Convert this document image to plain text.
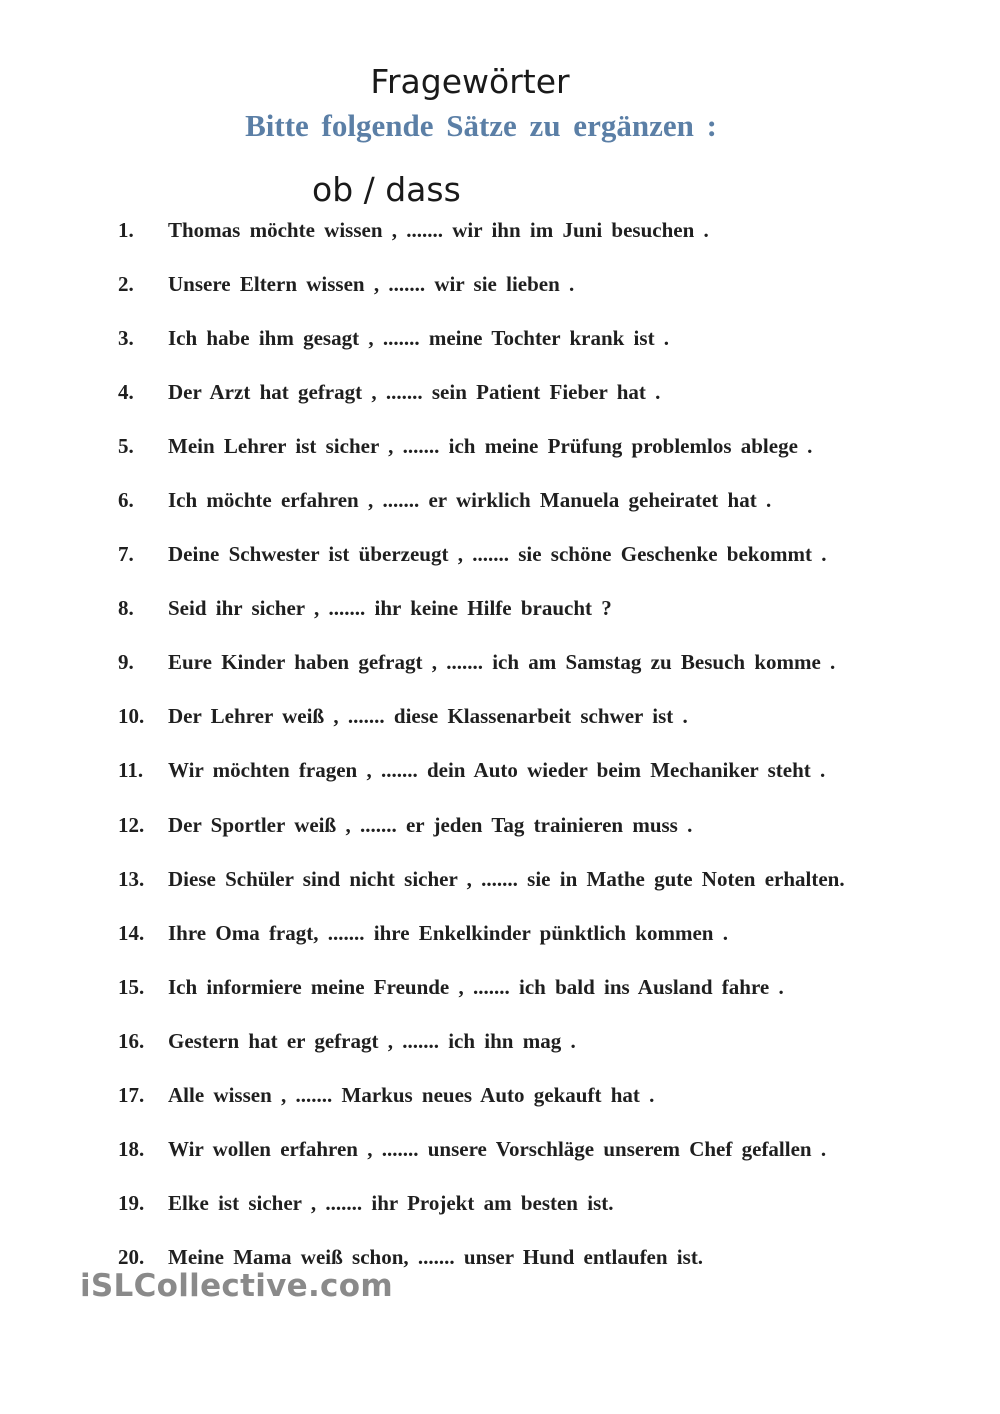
Fragewörter
Bitte folgende Sätze zu ergänzen :
ob / dass
1.	Thomas möchte wissen , ....... wir ihn im Juni besuchen .
2.	Unsere Eltern wissen , ....... wir sie lieben .
3.	Ich habe ihm gesagt , ....... meine Tochter krank ist .
4.	Der Arzt hat gefragt , ....... sein Patient Fieber hat .
5.	Mein Lehrer ist sicher , ....... ich meine Prüfung problemlos ablege .
6.	Ich möchte erfahren , ....... er wirklich Manuela geheiratet hat .
7.	Deine Schwester ist überzeugt , ....... sie schöne Geschenke bekommt .
8.	Seid ihr sicher , ....... ihr keine Hilfe braucht ?
9.	Eure Kinder haben gefragt , ....... ich am Samstag zu Besuch komme .
10.	Der Lehrer weiß , ....... diese Klassenarbeit schwer ist .
11.	Wir möchten fragen , ....... dein Auto wieder beim Mechaniker steht .
12.	Der Sportler weiß , ....... er jeden Tag trainieren muss .
13.	Diese Schüler sind nicht sicher , ....... sie in Mathe gute Noten erhalten.
14.	Ihre Oma fragt, ....... ihre Enkelkinder pünktlich kommen .
15.	Ich informiere meine Freunde , ....... ich bald ins Ausland fahre .
16.	Gestern hat er gefragt , ....... ich ihn mag .
17.	Alle wissen , ....... Markus neues Auto gekauft hat .
18.	Wir wollen erfahren , ....... unsere Vorschläge unserem Chef gefallen .
19.	Elke ist sicher , ....... ihr Projekt am besten ist.
20.	Meine Mama weiß schon, ....... unser Hund entlaufen ist.
iSLCollective.com
